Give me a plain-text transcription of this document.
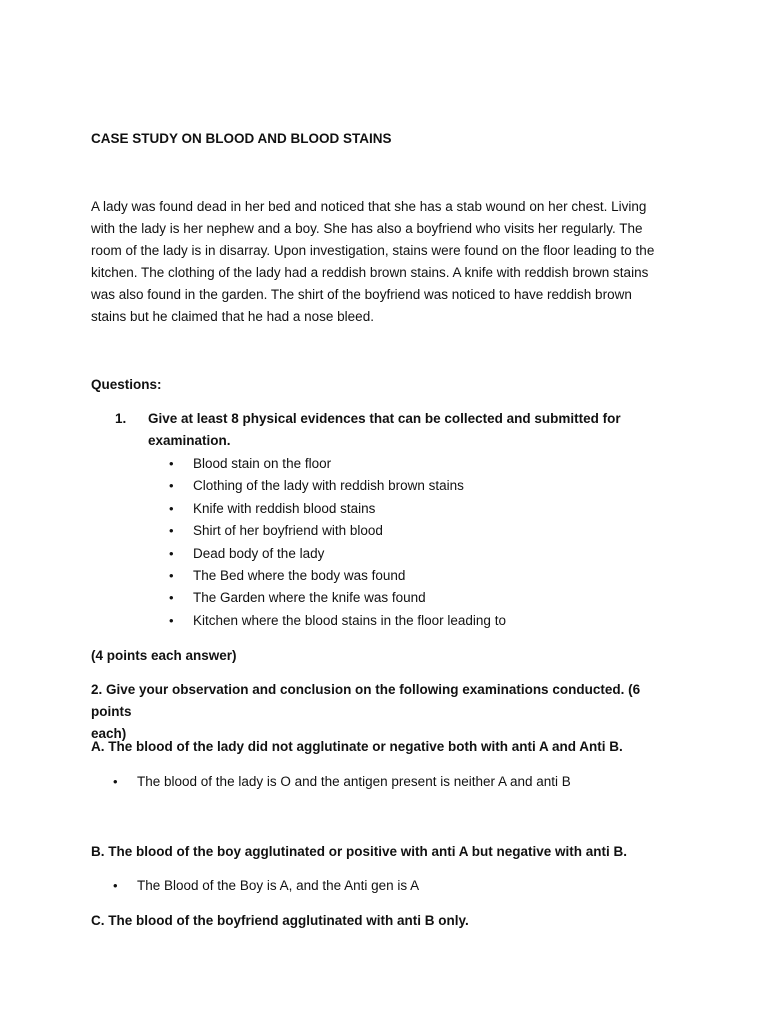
CASE STUDY ON BLOOD AND BLOOD STAINS
A lady was found dead in her bed and noticed that she has a stab wound on her chest. Living
with the lady is her nephew and a boy. She has also a boyfriend who visits her regularly. The
room of the lady is in disarray. Upon investigation, stains were found on the floor leading to the
kitchen. The clothing of the lady had a reddish brown stains. A knife with reddish brown stains
was also found in the garden. The shirt of the boyfriend was noticed to have reddish brown
stains but he claimed that he had a nose bleed.
Questions:
1. Give at least 8 physical evidences that can be collected and submitted for
examination.
• Blood stain on the floor
• Clothing of the lady with reddish brown stains
• Knife with reddish blood stains
• Shirt of her boyfriend with blood
• Dead body of the lady
• The Bed where the body was found
• The Garden where the knife was found
• Kitchen where the blood stains in the floor leading to
(4 points each answer)
2. Give your observation and conclusion on the following examinations conducted. (6 points
each)
A. The blood of the lady did not agglutinate or negative both with anti A and Anti B.
• The blood of the lady is O and the antigen present is neither A and anti B
B. The blood of the boy agglutinated or positive with anti A but negative with anti B.
• The Blood of the Boy is A, and the Anti gen is A
C. The blood of the boyfriend agglutinated with anti B only.
